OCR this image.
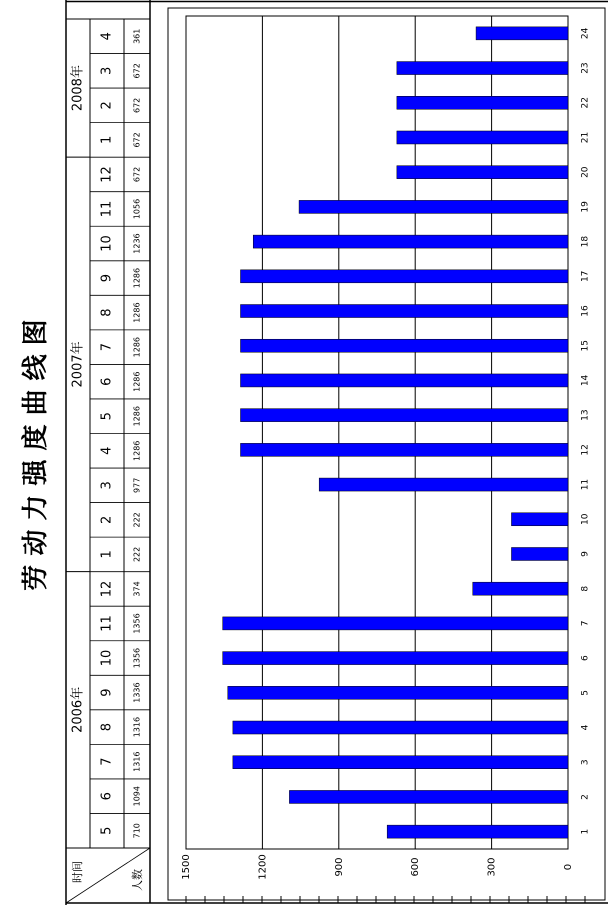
劳 动 力 强 度 曲 线 图
5 710
6 1094
7 1316
8 1316
9 1336
10 1356
11 1356
12 374
2006年
1 222
2 222
3 977
4 1286
5 1286
6 1286
7 1286
8 1286
9 1286
10 1236
11 1056
12 672
2007年
1 672
2 672
3 672
4 361
2008年
时间	人数
1
2
3
4
5
6
7
8
9
10
11
12
13
14
15
16
17
18
19
20
21
22
23
24
0
300
600
900
1200
1500
